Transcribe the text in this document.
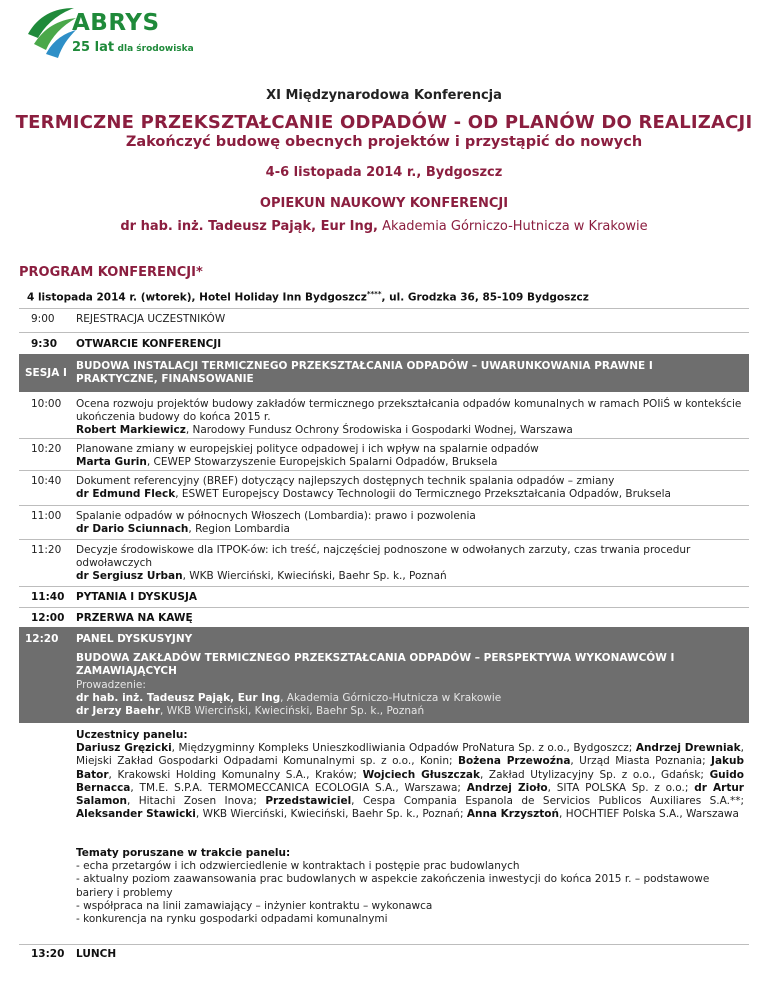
ABRYS
25 lat dla środowiska
XI Międzynarodowa Konferencja
TERMICZNE PRZEKSZTAŁCANIE ODPADÓW - OD PLANÓW DO REALIZACJI
Zakończyć budowę obecnych projektów i przystąpić do nowych
4-6 listopada 2014 r., Bydgoszcz
OPIEKUN NAUKOWY KONFERENCJI
dr hab. inż. Tadeusz Pająk, Eur Ing, Akademia Górniczo-Hutnicza w Krakowie
PROGRAM KONFERENCJI*
4 listopada 2014 r. (wtorek), Hotel Holiday Inn Bydgoszcz****, ul. Grodzka 36, 85-109 Bydgoszcz
9:00 REJESTRACJA UCZESTNIKÓW
9:30 OTWARCIE KONFERENCJI
SESJA I
BUDOWA INSTALACJI TERMICZNEGO PRZEKSZTAŁCANIA ODPADÓW – UWARUNKOWANIA PRAWNE I PRAKTYCZNE, FINANSOWANIE
10:00 Ocena rozwoju projektów budowy zakładów termicznego przekształcania odpadów komunalnych w ramach POIiŚ w kontekście ukończenia budowy do końca 2015 r.
Robert Markiewicz, Narodowy Fundusz Ochrony Środowiska i Gospodarki Wodnej, Warszawa
10:20 Planowane zmiany w europejskiej polityce odpadowej i ich wpływ na spalarnie odpadów
Marta Gurin, CEWEP Stowarzyszenie Europejskich Spalarni Odpadów, Bruksela
10:40 Dokument referencyjny (BREF) dotyczący najlepszych dostępnych technik spalania odpadów – zmiany
dr Edmund Fleck, ESWET Europejscy Dostawcy Technologii do Termicznego Przekształcania Odpadów, Bruksela
11:00 Spalanie odpadów w północnych Włoszech (Lombardia): prawo i pozwolenia
dr Dario Sciunnach, Region Lombardia
11:20 Decyzje środowiskowe dla ITPOK-ów: ich treść, najczęściej podnoszone w odwołanych zarzuty, czas trwania procedur odwoławczych
dr Sergiusz Urban, WKB Wierciński, Kwieciński, Baehr Sp. k., Poznań
11:40 PYTANIA I DYSKUSJA
12:00 PRZERWA NA KAWĘ
12:20 PANEL DYSKUSYJNY
BUDOWA ZAKŁADÓW TERMICZNEGO PRZEKSZTAŁCANIA ODPADÓW – PERSPEKTYWA WYKONAWCÓW I ZAMAWIAJĄCYCH
Prowadzenie:
dr hab. inż. Tadeusz Pająk, Eur Ing, Akademia Górniczo-Hutnicza w Krakowie
dr Jerzy Baehr, WKB Wierciński, Kwieciński, Baehr Sp. k., Poznań
Uczestnicy panelu:
Dariusz Gręzicki, Międzygminny Kompleks Unieszkodliwiania Odpadów ProNatura Sp. z o.o., Bydgoszcz; Andrzej Drewniak, Miejski Zakład Gospodarki Odpadami Komunalnymi sp. z o.o., Konin; Bożena Przewoźna, Urząd Miasta Poznania; Jakub Bator, Krakowski Holding Komunalny S.A., Kraków; Wojciech Głuszczak, Zakład Utylizacyjny Sp. z o.o., Gdańsk; Guido Bernacca, TM.E. S.P.A. TERMOMECCANICA ECOLOGIA S.A., Warszawa; Andrzej Zioło, SITA POLSKA Sp. z o.o.; dr Artur Salamon, Hitachi Zosen Inova; Przedstawiciel, Cespa Compania Espanola de Servicios Publicos Auxiliares S.A.**; Aleksander Stawicki, WKB Wierciński, Kwieciński, Baehr Sp. k., Poznań; Anna Krzysztoń, HOCHTIEF Polska S.A., Warszawa
Tematy poruszane w trakcie panelu:
- echa przetargów i ich odzwierciedlenie w kontraktach i postępie prac budowlanych
- aktualny poziom zaawansowania prac budowlanych w aspekcie zakończenia inwestycji do końca 2015 r. – podstawowe bariery i problemy
- współpraca na linii zamawiający – inżynier kontraktu – wykonawca
- konkurencja na rynku gospodarki odpadami komunalnymi
13:20 LUNCH
